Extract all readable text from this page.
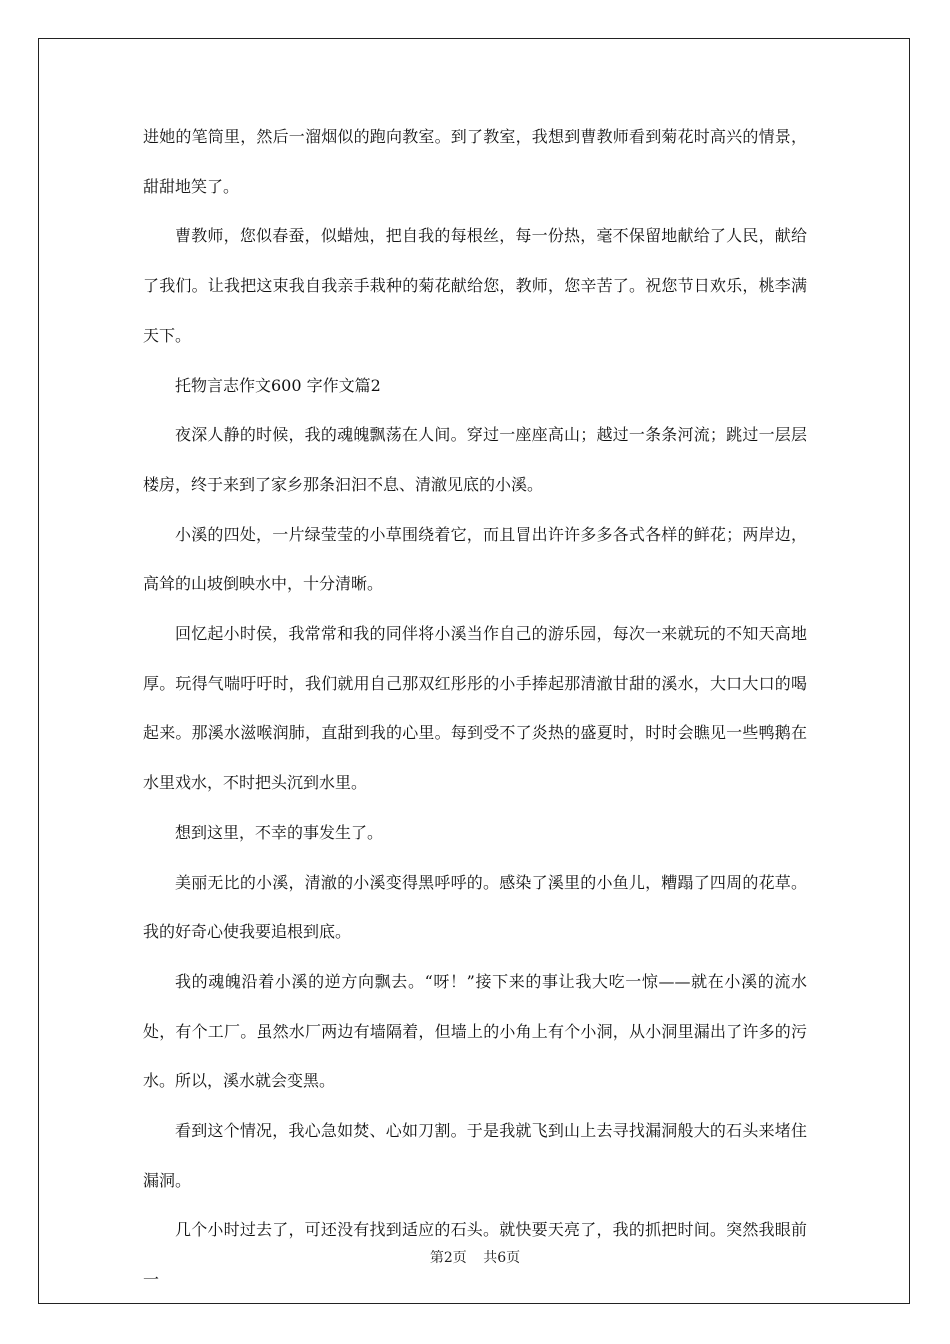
进她的笔筒里，然后一溜烟似的跑向教室。到了教室，我想到曹教师看到菊花时高兴的情景，甜甜地笑了。

曹教师，您似春蚕，似蜡烛，把自我的每根丝，每一份热，毫不保留地献给了人民，献给了我们。让我把这束我自我亲手栽种的菊花献给您，教师，您辛苦了。祝您节日欢乐，桃李满天下。

托物言志作文600 字作文篇2

夜深人静的时候，我的魂魄飘荡在人间。穿过一座座高山；越过一条条河流；跳过一层层楼房，终于来到了家乡那条汩汩不息、清澈见底的小溪。

小溪的四处，一片绿莹莹的小草围绕着它，而且冒出许许多多各式各样的鲜花；两岸边，高耸的山坡倒映水中，十分清晰。

回忆起小时侯，我常常和我的同伴将小溪当作自己的游乐园，每次一来就玩的不知天高地厚。玩得气喘吁吁时，我们就用自己那双红彤彤的小手捧起那清澈甘甜的溪水，大口大口的喝起来。那溪水滋喉润肺，直甜到我的心里。每到受不了炎热的盛夏时，时时会瞧见一些鸭鹅在水里戏水，不时把头沉到水里。

想到这里，不幸的事发生了。

美丽无比的小溪，清澈的小溪变得黑呼呼的。感染了溪里的小鱼儿，糟蹋了四周的花草。我的好奇心使我要追根到底。

我的魂魄沿着小溪的逆方向飘去。“呀！”接下来的事让我大吃一惊——就在小溪的流水处，有个工厂。虽然水厂两边有墙隔着，但墙上的小角上有个小洞，从小洞里漏出了许多的污水。所以，溪水就会变黑。

看到这个情况，我心急如焚、心如刀割。于是我就飞到山上去寻找漏洞般大的石头来堵住漏洞。

几个小时过去了，可还没有找到适应的石头。就快要天亮了，我的抓把时间。突然我眼前一

第2页 共6页
